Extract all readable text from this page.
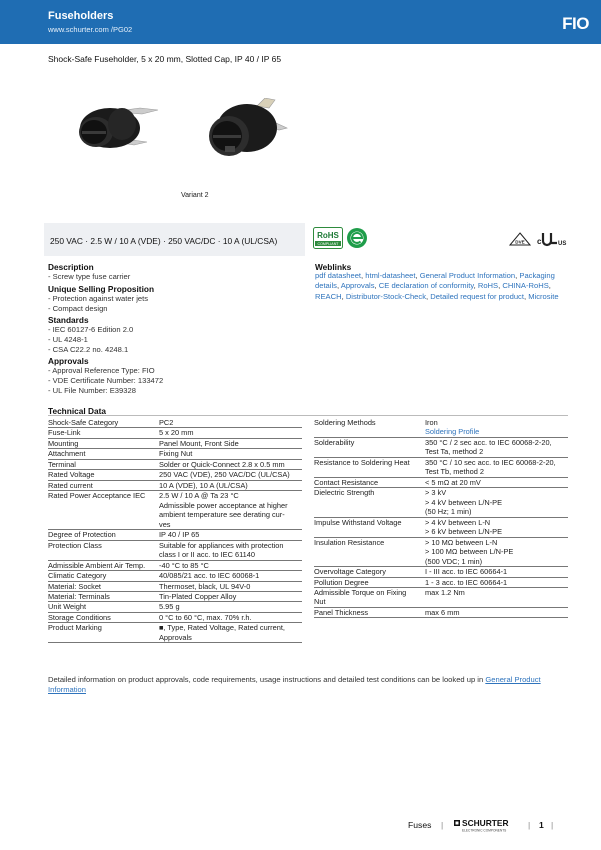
Fuseholders
www.schurter.com /PG02	FIO
Shock-Safe Fuseholder, 5 x 20 mm, Slotted Cap, IP 40 / IP 65
Variant 2
250 VAC · 2.5 W / 10 A (VDE) · 250 VAC/DC · 10 A (UL/CSA)
RoHS
COMPLIANT	DVE c	US
Description
- Screw type fuse carrier
Unique Selling Proposition
- Protection against water jets
- Compact design
Standards
- IEC 60127-6 Edition 2.0
- UL 4248-1
- CSA C22.2 no. 4248.1
Approvals
- Approval Reference Type: FIO
- VDE Certificate Number: 133472
- UL File Number: E39328
Weblinks
pdf datasheet, html-datasheet, General Product Information, Packaging details, Approvals, CE declaration of conformity, RoHS, CHINA-RoHS, REACH, Distributor-Stock-Check, Detailed request for product, Microsite
Technical Data
Shock-Safe Category	PC2

Fuse-Link	5 x 20 mm

Mounting	Panel Mount, Front Side

Attachment	Fixing Nut

Terminal	Solder or Quick-Connect 2.8 x 0.5 mm

Rated Voltage	250 VAC (VDE), 250 VAC/DC (UL/CSA)

Rated current	10 A (VDE), 10 A (UL/CSA)

Rated Power Acceptance IEC	2.5 W / 10 A @ Ta 23 °C
Admissible power acceptance at higher
ambient temperature see derating cur-
ves

Degree of Protection	IP 40 / IP 65

Protection Class	Suitable for appliances with protection
class I or II acc. to IEC 61140

Admissible Ambient Air Temp.	-40 °C to 85 °C

Climatic Category	40/085/21 acc. to IEC 60068-1

Material: Socket	Thermoset, black, UL 94V-0

Material: Terminals	Tin-Plated Copper Alloy

Unit Weight	5.95 g

Storage Conditions	0 °C to 60 °C, max. 70% r.h.

Product Marking	■, Type, Rated Voltage, Rated current,
Approvals
Soldering Methods	Iron
Soldering Profile

Solderability	350 °C / 2 sec acc. to IEC 60068-2-20,
Test Ta, method 2

Resistance to Soldering Heat	350 °C / 10 sec acc. to IEC 60068-2-20,
Test Tb, method 2

Contact Resistance	< 5 mΩ at 20 mV

Dielectric Strength	> 3 kV
> 4 kV between L/N-PE
(50 Hz; 1 min)

Impulse Withstand Voltage	> 4 kV between L-N
> 6 kV between L/N-PE

Insulation Resistance	> 10 MΩ between L-N
> 100 MΩ between L/N-PE
(500 VDC; 1 min)

Overvoltage Category	I - III acc. to IEC 60664-1

Pollution Degree	1 - 3 acc. to IEC 60664-1

Admissible Torque on Fixing
Nut	max 1.2 Nm

Panel Thickness	max 6 mm
Detailed information on product approvals, code requirements, usage instructions and detailed test conditions can be looked up in General Product Information
Fuses | SCHURTER
ELECTRONIC COMPONENTS
| 1 |
